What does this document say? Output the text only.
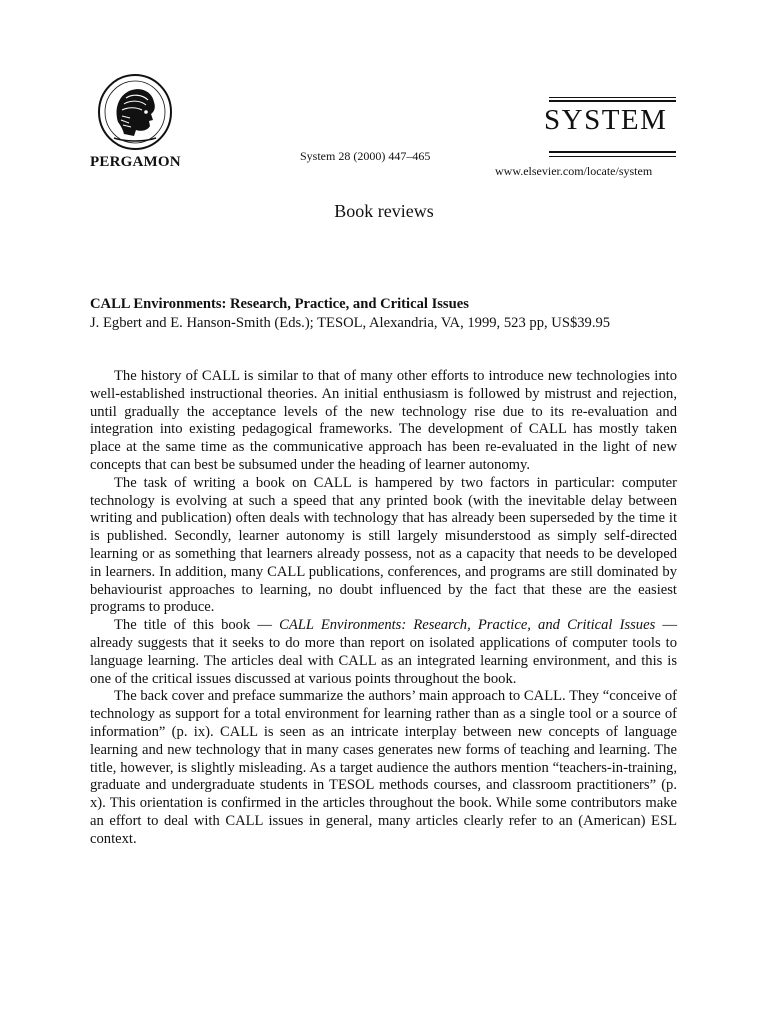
PERGAMON	System 28 (2000) 447–465
SYSTEM
www.elsevier.com/locate/system
Book reviews
CALL Environments: Research, Practice, and Critical Issues
J. Egbert and E. Hanson-Smith (Eds.); TESOL, Alexandria, VA, 1999, 523 pp, US$39.95

The history of CALL is similar to that of many other efforts to introduce new technologies into well-established instructional theories. An initial enthusiasm is followed by mistrust and rejection, until gradually the acceptance levels of the new technology rise due to its re-evaluation and integration into existing pedagogical frameworks. The development of CALL has mostly taken place at the same time as the communicative approach has been re-evaluated in the light of new concepts that can best be subsumed under the heading of learner autonomy.

The task of writing a book on CALL is hampered by two factors in particular: computer technology is evolving at such a speed that any printed book (with the inevitable delay between writing and publication) often deals with technology that has already been superseded by the time it is published. Secondly, learner autonomy is still largely misunderstood as simply self-directed learning or as something that learners already possess, not as a capacity that needs to be developed in learners. In addition, many CALL publications, conferences, and programs are still dominated by behaviourist approaches to learning, no doubt influenced by the fact that these are the easiest programs to produce.

The title of this book — CALL Environments: Research, Practice, and Critical Issues — already suggests that it seeks to do more than report on isolated applications of computer tools to language learning. The articles deal with CALL as an integrated learning environment, and this is one of the critical issues discussed at various points throughout the book.

The back cover and preface summarize the authors’ main approach to CALL. They “conceive of technology as support for a total environment for learning rather than as a single tool or a source of information” (p. ix). CALL is seen as an intricate interplay between new concepts of language learning and new technology that in many cases generates new forms of teaching and learning. The title, however, is slightly misleading. As a target audience the authors mention “teachers-in-training, graduate and undergraduate students in TESOL methods courses, and classroom practitioners” (p. x). This orientation is confirmed in the articles throughout the book. While some contributors make an effort to deal with CALL issues in general, many articles clearly refer to an (American) ESL context.
